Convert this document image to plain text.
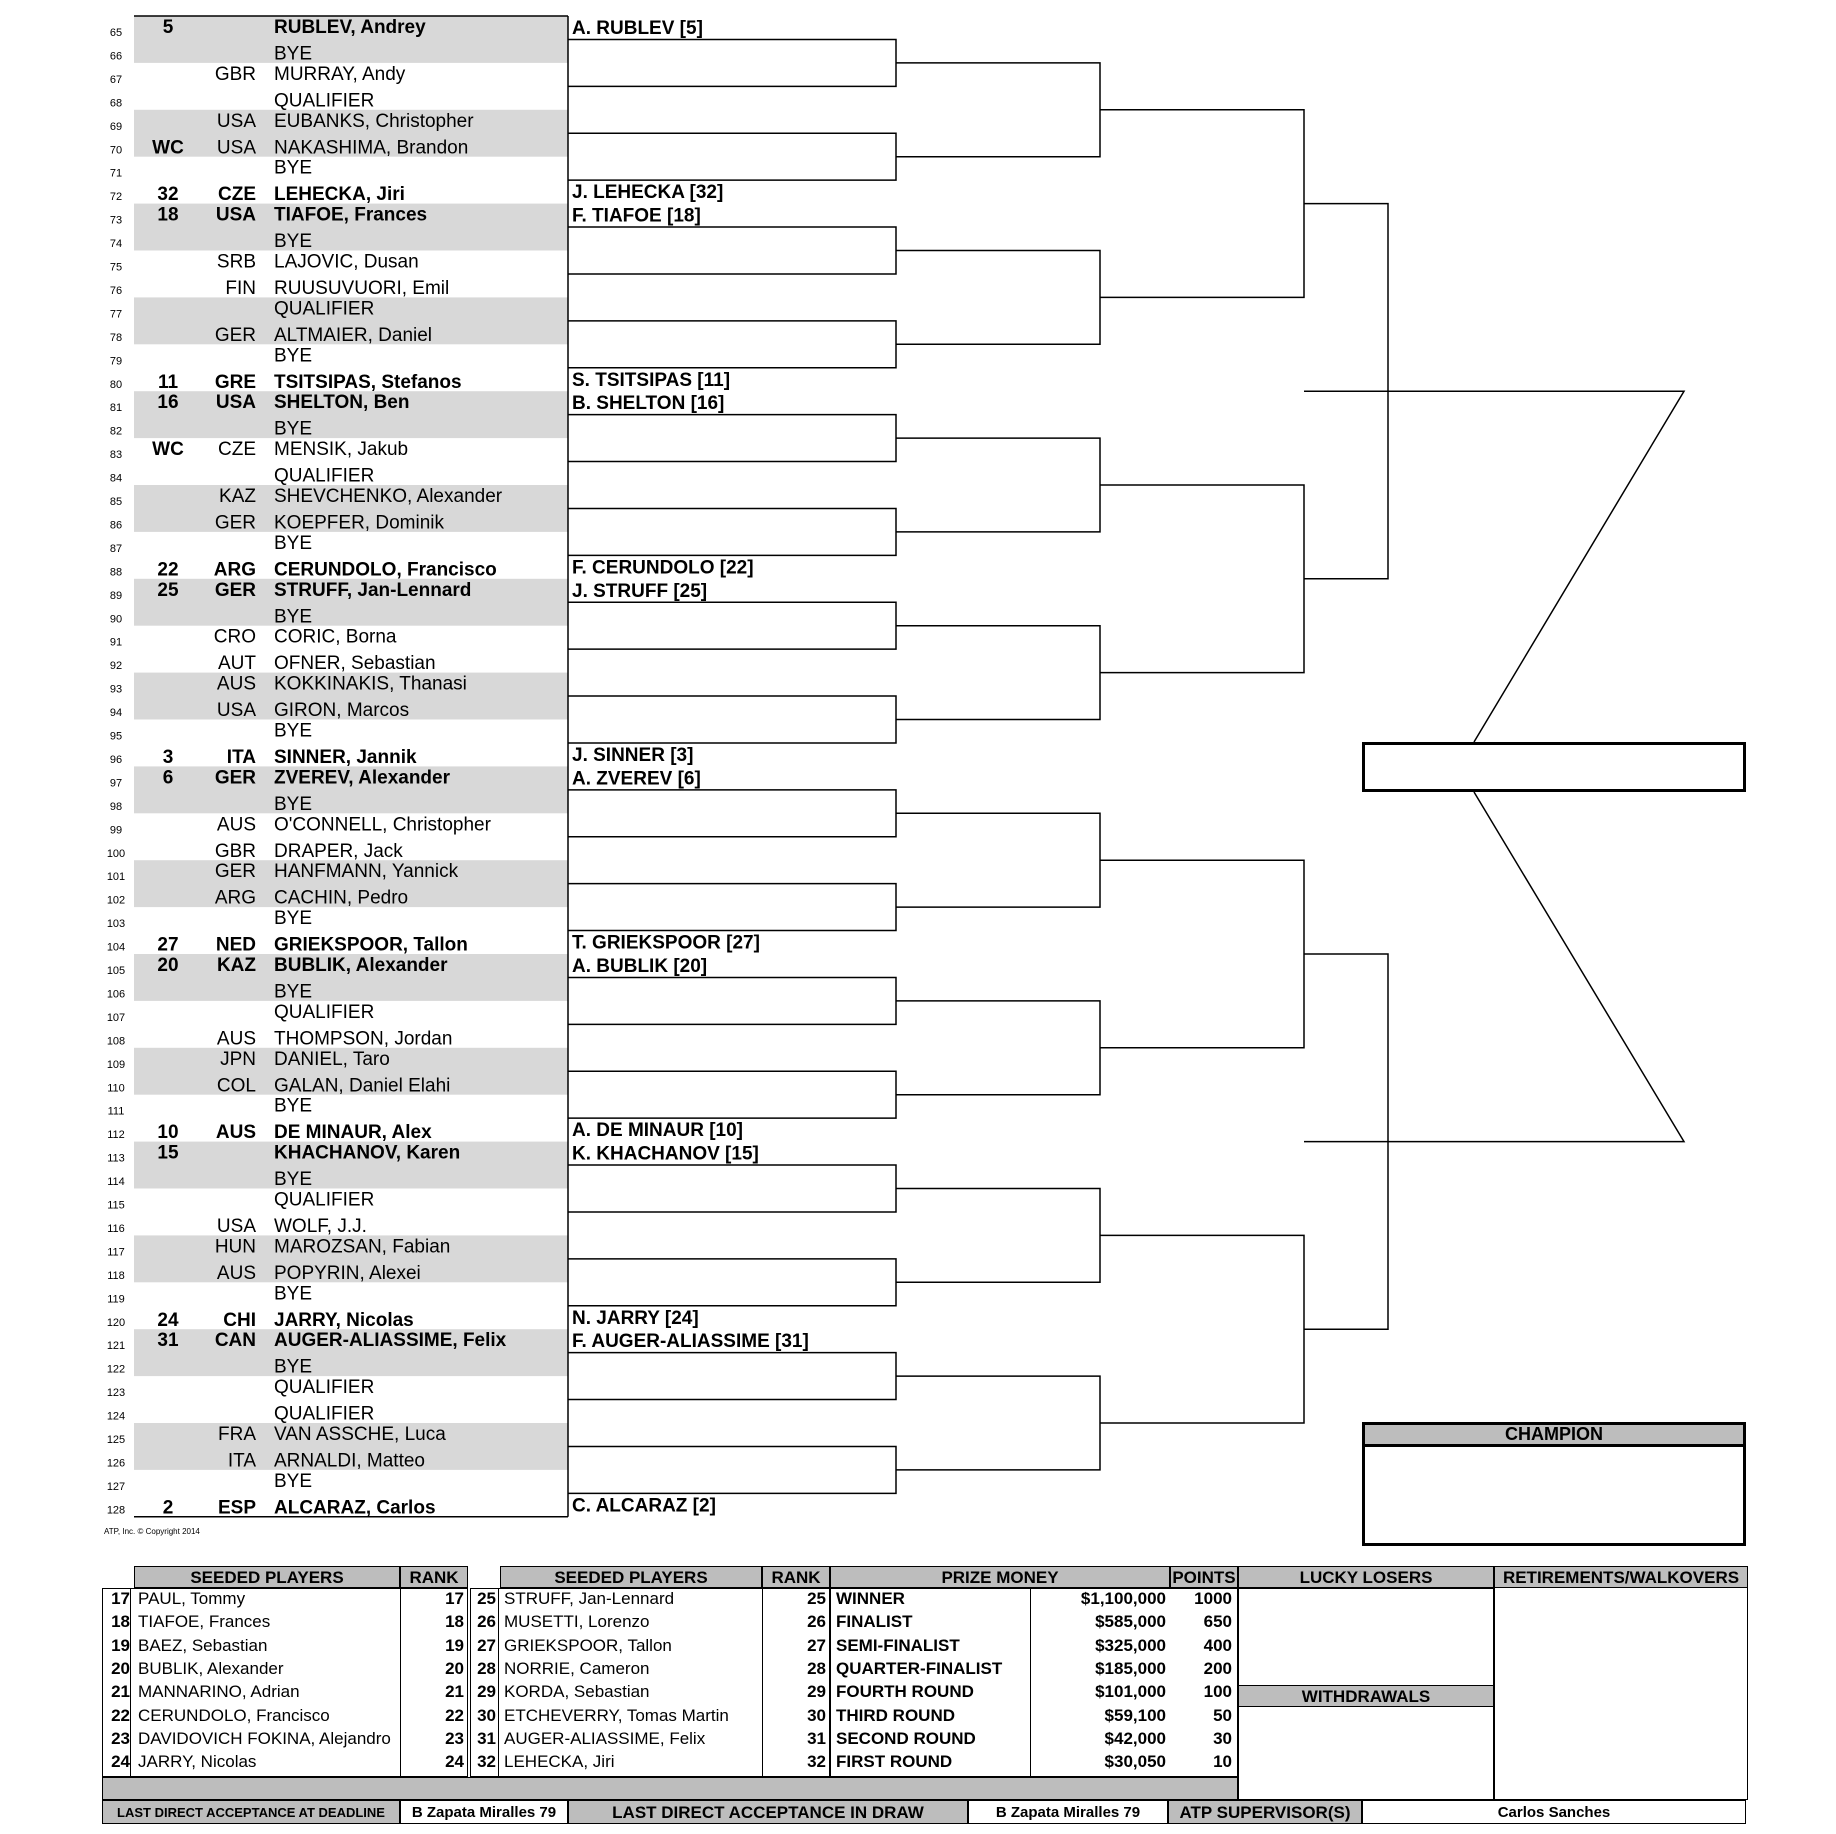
65 5	RUBLEV, Andrey
66	BYE
67	GBR MURRAY, Andy
68	QUALIFIER
69	USA EUBANKS, Christopher
70 WC USA NAKASHIMA, Brandon
71	BYE
72 32 CZE LEHECKA, Jiri
73 18 USA TIAFOE, Frances
74	BYE
75	SRB LAJOVIC, Dusan
76	FIN RUUSUVUORI, Emil
77	QUALIFIER
78	GER ALTMAIER, Daniel
79	BYE
80 11 GRE TSITSIPAS, Stefanos
81 16 USA SHELTON, Ben
82	BYE
83 WC CZE MENSIK, Jakub
84	QUALIFIER
85	KAZ SHEVCHENKO, Alexander
86	GER KOEPFER, Dominik
87	BYE
88 22 ARG CERUNDOLO, Francisco
89 25 GER STRUFF, Jan-Lennard
90	BYE
91	CRO CORIC, Borna
92	AUT OFNER, Sebastian
93	AUS KOKKINAKIS, Thanasi
94	USA GIRON, Marcos
95	BYE
96 3	ITA SINNER, Jannik
97 6 GER ZVEREV, Alexander
98	BYE
99	AUS O'CONNELL, Christopher
100	GBR DRAPER, Jack
101	GER HANFMANN, Yannick
102	ARG CACHIN, Pedro
103	BYE
104 27 NED GRIEKSPOOR, Tallon
105 20 KAZ BUBLIK, Alexander
106	BYE
107	QUALIFIER
108	AUS THOMPSON, Jordan
109	JPN DANIEL, Taro
110	COL GALAN, Daniel Elahi
111	BYE
112 10 AUS DE MINAUR, Alex
113 15	KHACHANOV, Karen
114	BYE
115	QUALIFIER
116	USA WOLF, J.J.
117	HUN MAROZSAN, Fabian
118	AUS POPYRIN, Alexei
119	BYE
120 24 CHI JARRY, Nicolas
121 31 CAN AUGER-ALIASSIME, Felix
122	BYE
123	QUALIFIER
124	QUALIFIER
125	FRA VAN ASSCHE, Luca
126	ITA ARNALDI, Matteo
127	BYE
128 2 ESP ALCARAZ, Carlos
A. RUBLEV [5]
J. LEHECKA [32]
F. TIAFOE [18]
S. TSITSIPAS [11]
B. SHELTON [16]
F. CERUNDOLO [22]
J. STRUFF [25]
J. SINNER [3]
A. ZVEREV [6]
T. GRIEKSPOOR [27]
A. BUBLIK [20]
A. DE MINAUR [10]
K. KHACHANOV [15]
N. JARRY [24]
F. AUGER-ALIASSIME [31]
C. ALCARAZ [2]
ATP, Inc. © Copyright 2014
CHAMPION
SEEDED PLAYERS	RANK	SEEDED PLAYERS	RANK	PRIZE MONEY	POINTS	LUCKY LOSERS	RETIREMENTS/WALKOVERS
WITHDRAWALS
17 PAUL, Tommy	17
18 TIAFOE, Frances	18
19 BAEZ, Sebastian	19
20 BUBLIK, Alexander	20
21 MANNARINO, Adrian	21
22 CERUNDOLO, Francisco	22
23 DAVIDOVICH FOKINA, Alejandro	23
24 JARRY, Nicolas	24
25 STRUFF, Jan-Lennard	25
26 MUSETTI, Lorenzo	26
27 GRIEKSPOOR, Tallon	27
28 NORRIE, Cameron	28
29 KORDA, Sebastian	29
30 ETCHEVERRY, Tomas Martin	30
31 AUGER-ALIASSIME, Felix	31
32 LEHECKA, Jiri	32
WINNER	$1,100,000	1000
FINALIST	$585,000	650
SEMI-FINALIST	$325,000	400
QUARTER-FINALIST	$185,000	200
FOURTH ROUND	$101,000	100
THIRD ROUND	$59,100	50
SECOND ROUND	$42,000	30
FIRST ROUND	$30,050	10
LAST DIRECT ACCEPTANCE AT DEADLINE	B Zapata Miralles 79	LAST DIRECT ACCEPTANCE IN DRAW	B Zapata Miralles 79	ATP SUPERVISOR(S)	Carlos Sanches
